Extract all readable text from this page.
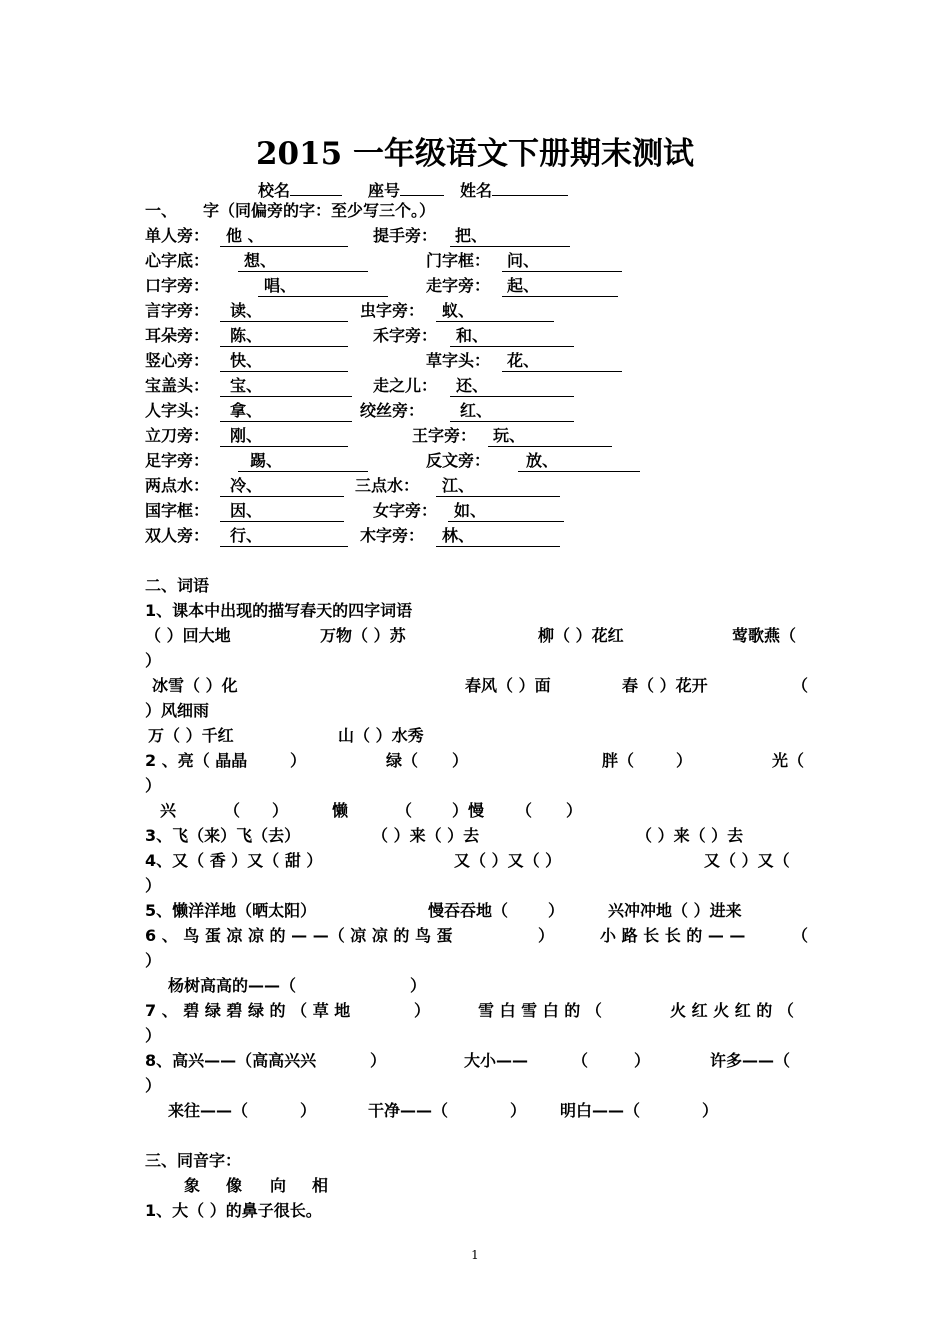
2015 一年级语文下册期末测试
校名	座号	姓名
一、 字（同偏旁的字：至少写三个。）
单人旁：	他 、	提手旁：	把、
心字底：	想、	门字框：	问、
口字旁：	唱、	走字旁：	起、
言字旁：	读、	虫字旁：	蚁、
耳朵旁：	陈、	禾字旁：	和、
竖心旁：	快、	草字头：	花、
宝盖头：	宝、	走之儿：	还、
人字头：	拿、	绞丝旁：	红、
立刀旁：	刚、	王字旁：	玩、
足字旁：	踢、	反文旁：	放、
两点水：	冷、	三点水：	江、
国字框：	因、	女字旁：	如、
双人旁：	行、	木字旁：	林、
二、词语
1、课本中出现的描写春天的四字词语
（ ）回大地	万物（ ）苏	柳（ ）花红	莺歌燕（
）
冰雪（ ）化	春风（ ）面	春（ ）花开	（
）风细雨
万（ ）千红	山（ ）水秀
2 、亮（ 晶晶	）	绿（ ）	胖（	）	光（
）
兴	（ ）	懒	（ ）慢 （ ）
3、飞（来）飞（去）	（ ）来（ ）去	（ ）来（ ）去
4、又（ 香 ）又（ 甜 ）	又（ ）又（ ）	又（ ）又（
）
5、懒洋洋地（晒太阳）	慢吞吞地（ ）	兴冲冲地（ ）进来
6 、 鸟 蛋 凉 凉 的 — —（ 凉 凉 的 鸟 蛋	）	小 路 长 长 的 — —	（
）
杨树高高的——（	）
7 、 碧 绿 碧 绿 的 （ 草 地	）	雪 白 雪 白 的 （	火 红 火 红 的 （
）
8、高兴——（高高兴兴	）	大小——	（	）	许多——（
）
来往——（	）	干净——（	） 明白——（	）
三、同音字：
象 像 向 相
1、大（ ）的鼻子很长。
1
